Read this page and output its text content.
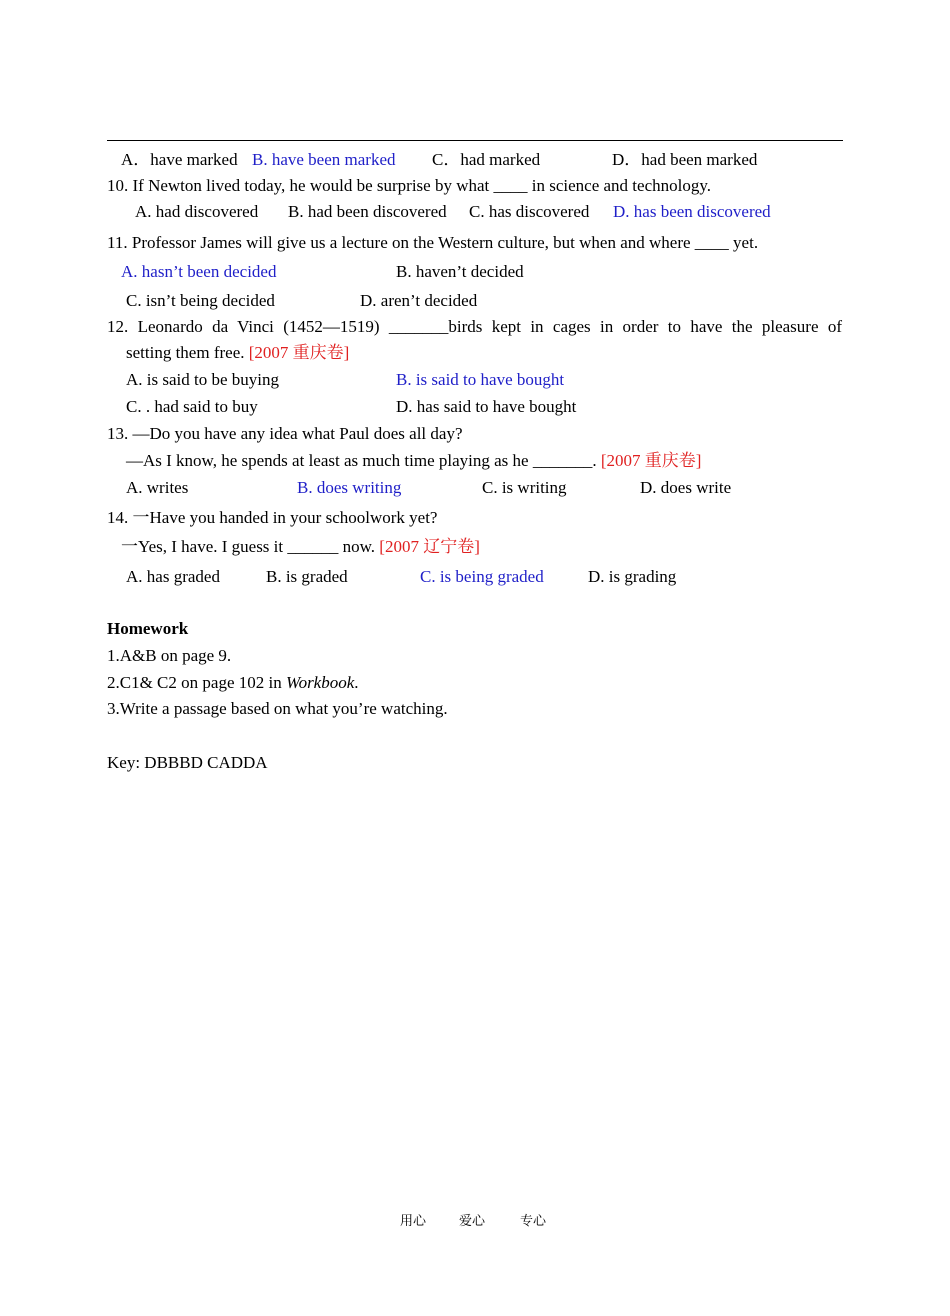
A．have marked B. have been marked C．had marked	D．had been marked
10. If Newton lived today, he would be surprise by what ____ in science and technology.
A. had discovered B. had been discovered C. has discovered D. has been discovered
11. Professor James will give us a lecture on the Western culture, but when and where ____ yet.
A. hasn’t been decided	B. haven’t decided
C. isn’t being decided	D. aren’t decided
12. Leonardo da Vinci (1452—1519) _______birds kept in cages in order to have the pleasure of
setting them free. [2007 重庆卷]
A. is said to be buying	B. is said to have bought
C. . had said to buy	D. has said to have bought
13. —Do you have any idea what Paul does all day?
—As I know, he spends at least as much time playing as he _______. [2007 重庆卷]
A. writes	B. does writing	C. is writing	D. does write
14. 一Have you handed in your schoolwork yet?
一Yes, I have. I guess it ______ now. [2007 辽宁卷]
A. has graded	B. is graded	C. is being graded	D. is grading
Homework
1.A&B on page 9.
2.C1& C2 on page 102 in Workbook.
3.Write a passage based on what you’re watching.
Key: DBBBD CADDA
用心	爱心	专心
